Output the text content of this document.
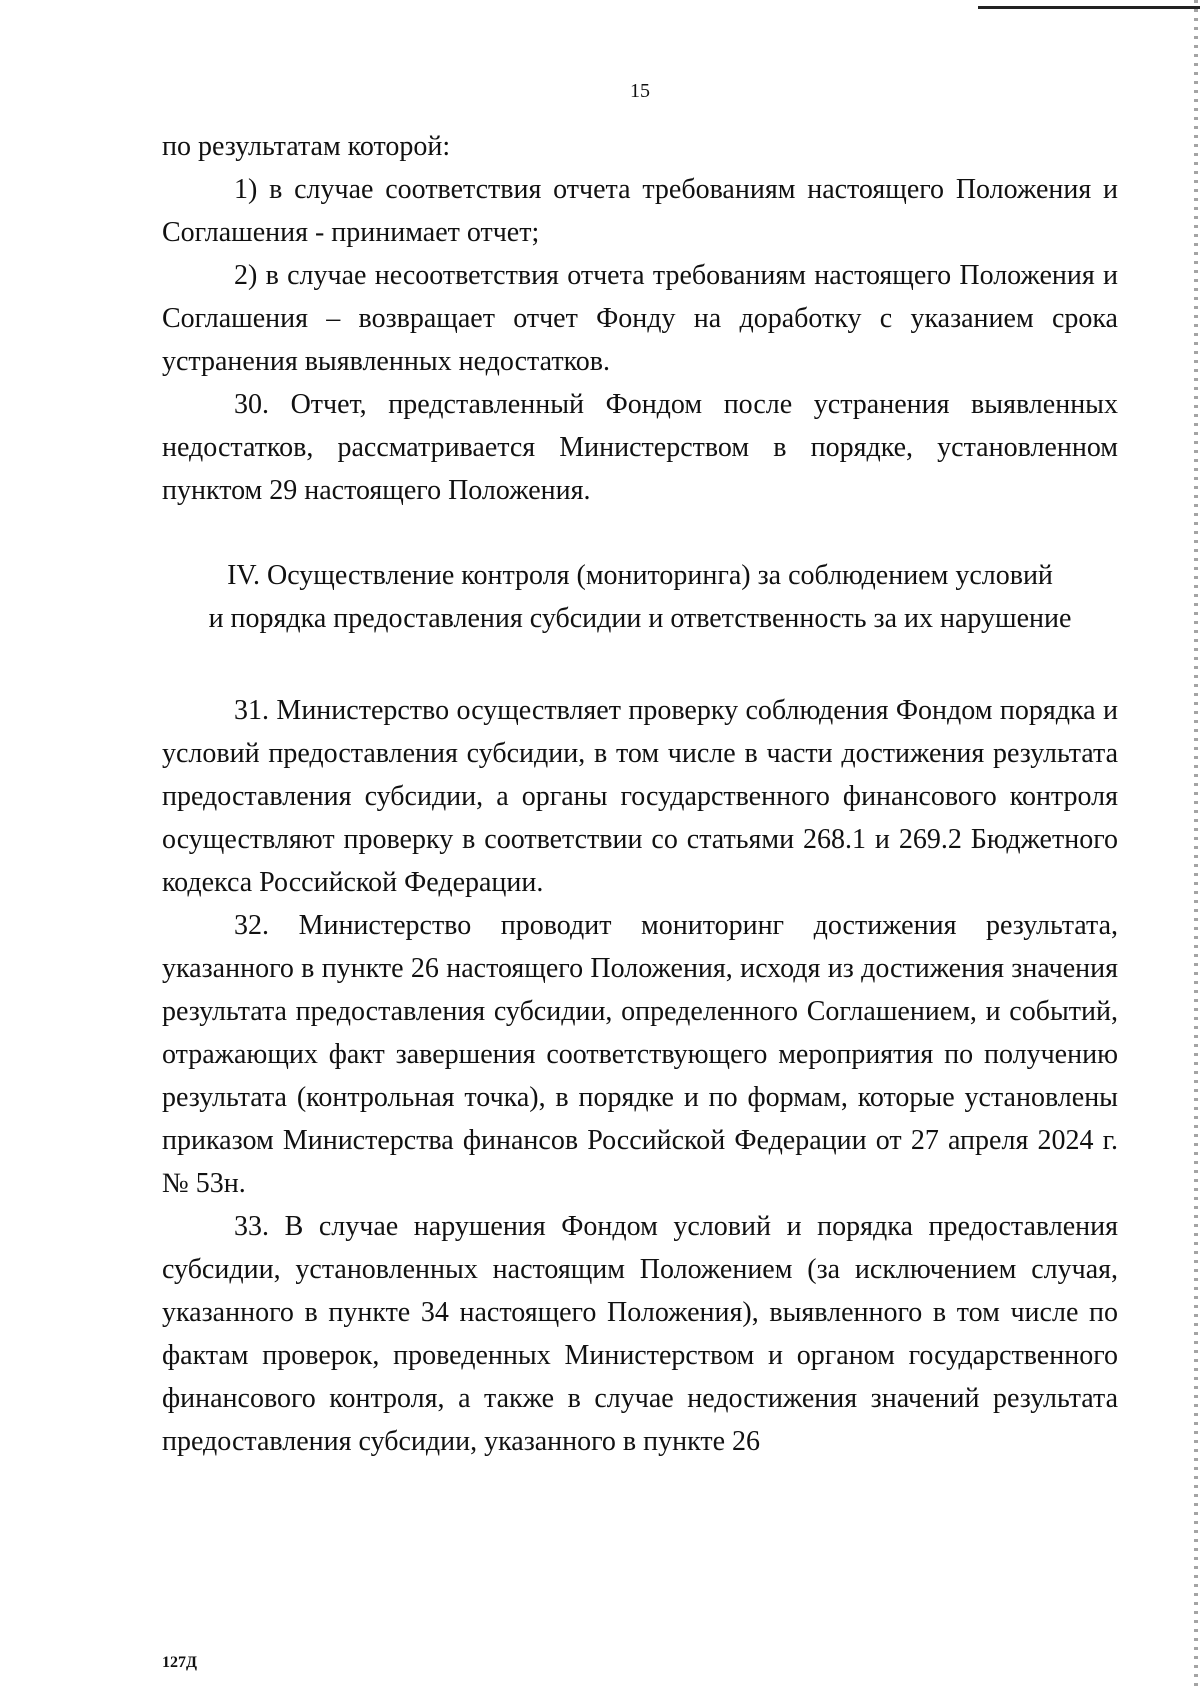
15

по результатам которой:

1) в случае соответствия отчета требованиям настоящего Положения и Соглашения - принимает отчет;

2) в случае несоответствия отчета требованиям настоящего Положения и Соглашения – возвращает отчет Фонду на доработку с указанием срока устранения выявленных недостатков.

30. Отчет, представленный Фондом после устранения выявленных недостатков, рассматривается Министерством в порядке, установленном пунктом 29 настоящего Положения.

IV. Осуществление контроля (мониторинга) за соблюдением условий
и порядка предоставления субсидии и ответственность за их нарушение

31. Министерство осуществляет проверку соблюдения Фондом порядка и условий предоставления субсидии, в том числе в части достижения результата предоставления субсидии, а органы государственного финансового контроля осуществляют проверку в соответствии со статьями 268.1 и 269.2 Бюджетного кодекса Российской Федерации.

32. Министерство проводит мониторинг достижения результата, указанного в пункте 26 настоящего Положения, исходя из достижения значения результата предоставления субсидии, определенного Соглашением, и событий, отражающих факт завершения соответствующего мероприятия по получению результата (контрольная точка), в порядке и по формам, которые установлены приказом Министерства финансов Российской Федерации от 27 апреля 2024 г. № 53н.

33. В случае нарушения Фондом условий и порядка предоставления субсидии, установленных настоящим Положением (за исключением случая, указанного в пункте 34 настоящего Положения), выявленного в том числе по фактам проверок, проведенных Министерством и органом государственного финансового контроля, а также в случае недостижения значений результата предоставления субсидии, указанного в пункте 26

127Д
